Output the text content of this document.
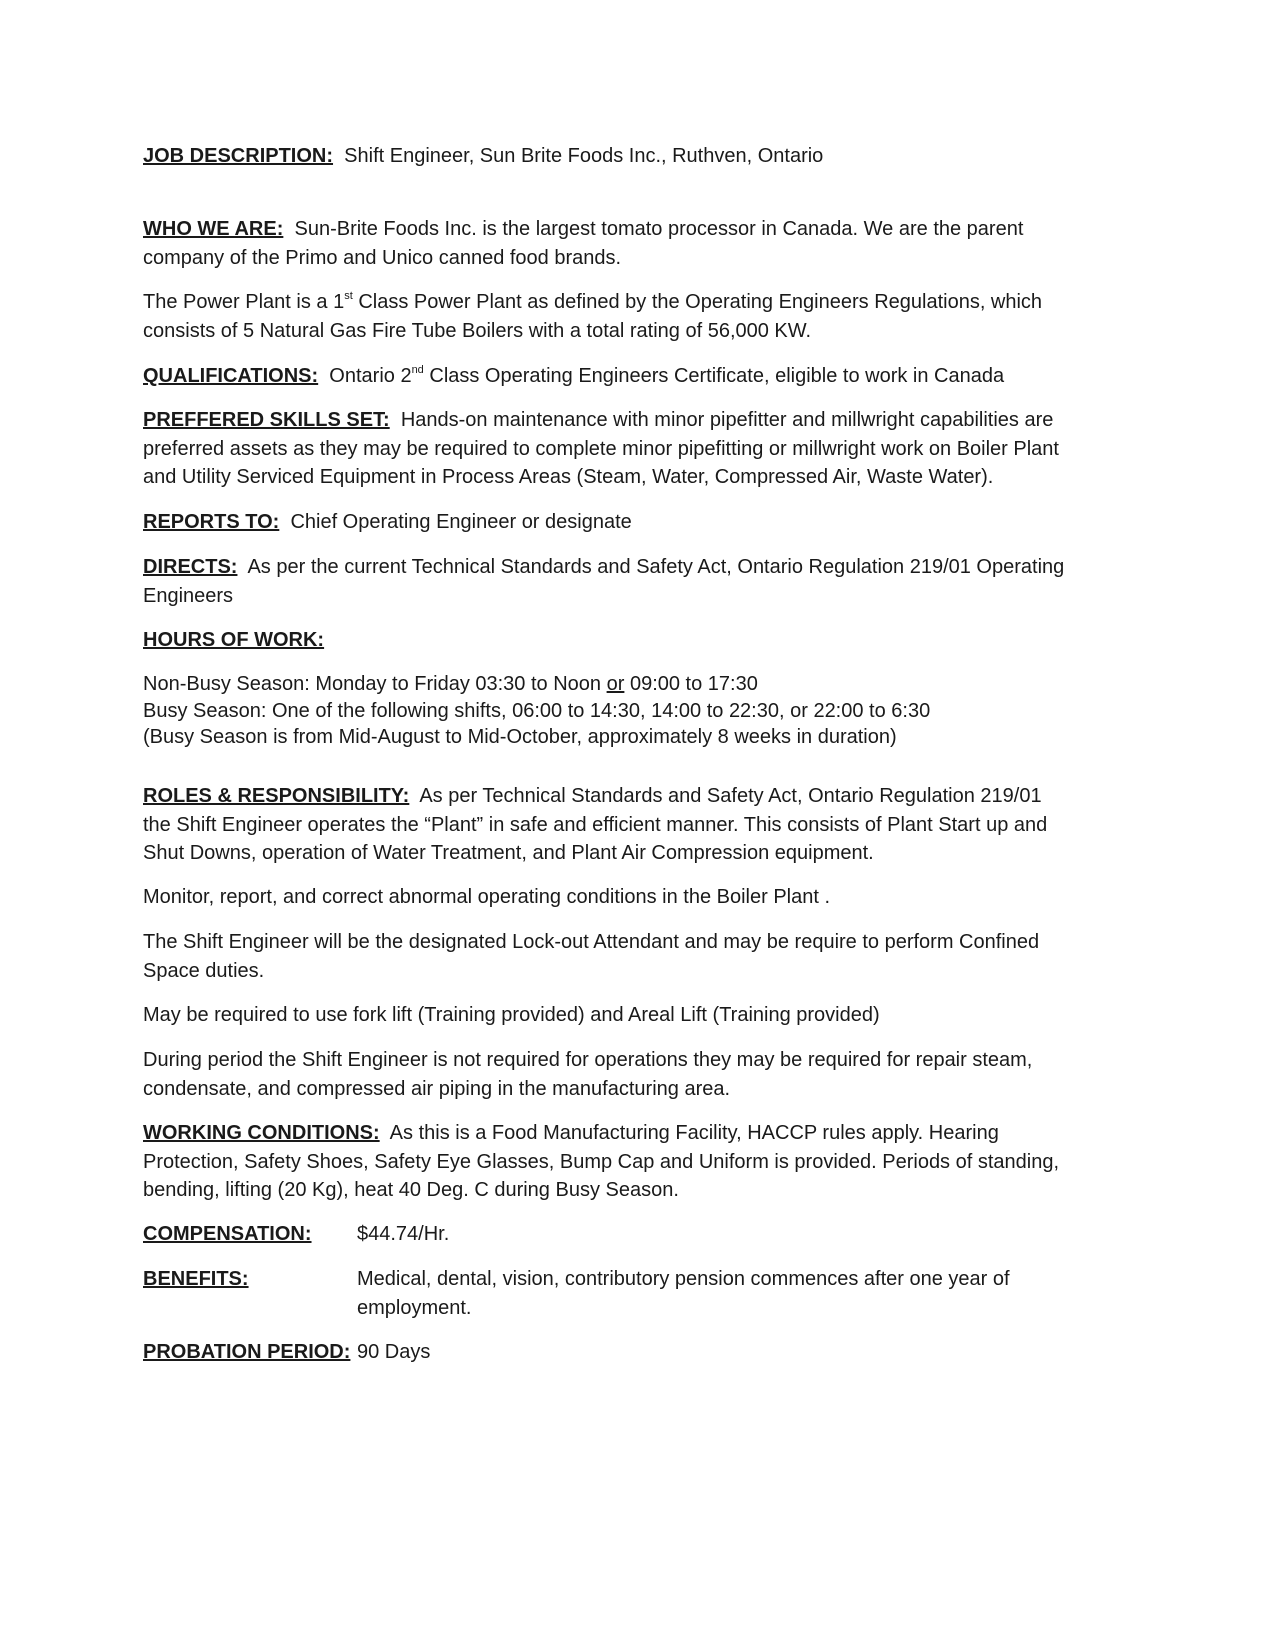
JOB DESCRIPTION: Shift Engineer, Sun Brite Foods Inc., Ruthven, Ontario

WHO WE ARE: Sun-Brite Foods Inc. is the largest tomato processor in Canada. We are the parent company of the Primo and Unico canned food brands.

The Power Plant is a 1st Class Power Plant as defined by the Operating Engineers Regulations, which consists of 5 Natural Gas Fire Tube Boilers with a total rating of 56,000 KW.

QUALIFICATIONS: Ontario 2nd Class Operating Engineers Certificate, eligible to work in Canada

PREFFERED SKILLS SET: Hands-on maintenance with minor pipefitter and millwright capabilities are preferred assets as they may be required to complete minor pipefitting or millwright work on Boiler Plant and Utility Serviced Equipment in Process Areas (Steam, Water, Compressed Air, Waste Water).

REPORTS TO: Chief Operating Engineer or designate

DIRECTS: As per the current Technical Standards and Safety Act, Ontario Regulation 219/01 Operating Engineers

HOURS OF WORK:

Non-Busy Season: Monday to Friday 03:30 to Noon or 09:00 to 17:30
Busy Season: One of the following shifts, 06:00 to 14:30, 14:00 to 22:30, or 22:00 to 6:30
(Busy Season is from Mid-August to Mid-October, approximately 8 weeks in duration)

ROLES & RESPONSIBILITY: As per Technical Standards and Safety Act, Ontario Regulation 219/01 the Shift Engineer operates the “Plant” in safe and efficient manner. This consists of Plant Start up and Shut Downs, operation of Water Treatment, and Plant Air Compression equipment.

Monitor, report, and correct abnormal operating conditions in the Boiler Plant .

The Shift Engineer will be the designated Lock-out Attendant and may be require to perform Confined Space duties.

May be required to use fork lift (Training provided) and Areal Lift (Training provided)

During period the Shift Engineer is not required for operations they may be required for repair steam, condensate, and compressed air piping in the manufacturing area.

WORKING CONDITIONS: As this is a Food Manufacturing Facility, HACCP rules apply. Hearing Protection, Safety Shoes, Safety Eye Glasses, Bump Cap and Uniform is provided. Periods of standing, bending, lifting (20 Kg), heat 40 Deg. C during Busy Season.

COMPENSATION: $44.74/Hr.
BENEFITS:	Medical, dental, vision, contributory pension commences after one year of employment.
PROBATION PERIOD: 90 Days
